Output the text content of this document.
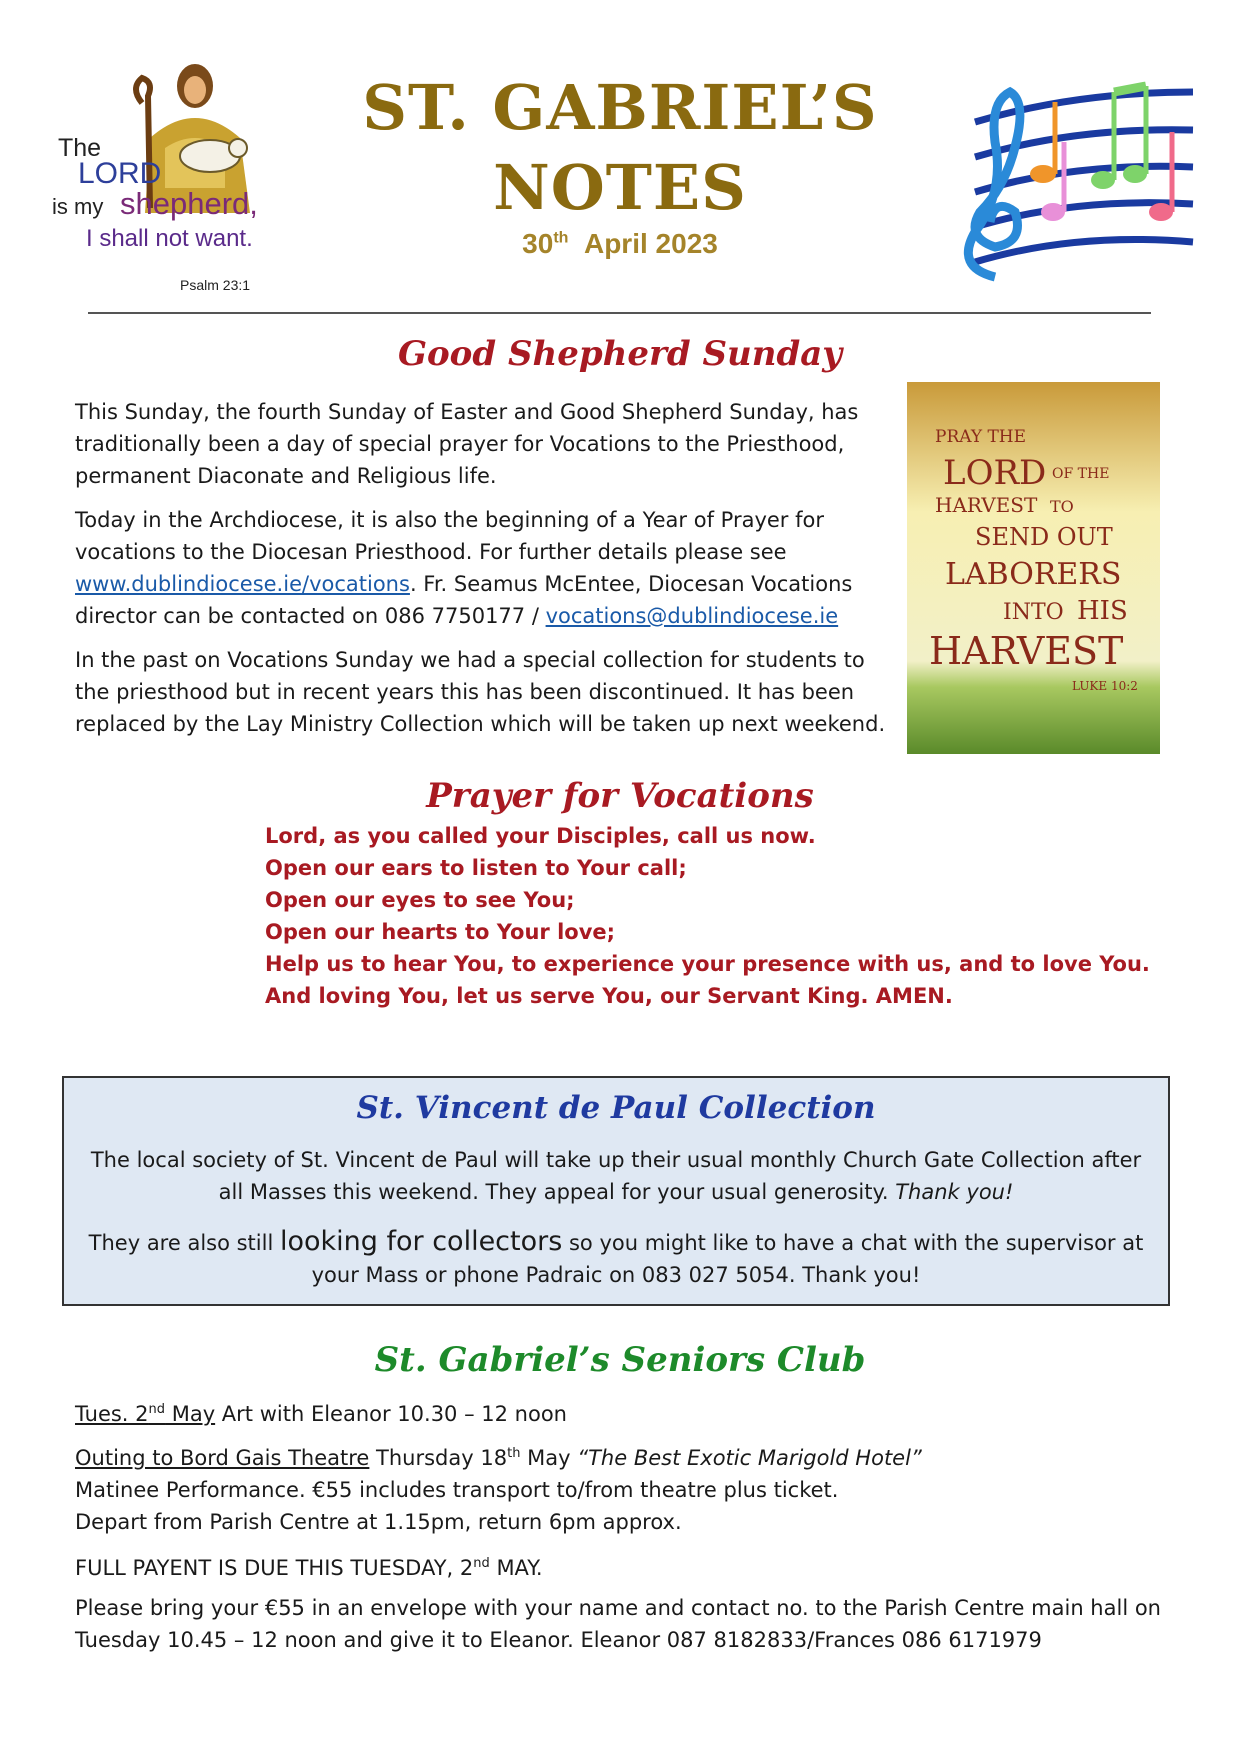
The
LORD
is my shepherd,
I shall not want.
Psalm 23:1
ST. GABRIEL’S
NOTES
30th April 2023
Good Shepherd Sunday

This Sunday, the fourth Sunday of Easter and Good Shepherd Sunday, has traditionally been a day of special prayer for Vocations to the Priesthood, permanent Diaconate and Religious life.

Today in the Archdiocese, it is also the beginning of a Year of Prayer for vocations to the Diocesan Priesthood. For further details please see www.dublindiocese.ie/vocations. Fr. Seamus McEntee, Diocesan Vocations director can be contacted on 086 7750177 / vocations@dublindiocese.ie

In the past on Vocations Sunday we had a special collection for students to the priesthood but in recent years this has been discontinued. It has been replaced by the Lay Ministry Collection which will be taken up next weekend.

PRAY THE
LORD OF THE
HARVEST TO
SEND OUT
LABORERS
INTO HIS
HARVEST
LUKE 10:2
Prayer for Vocations
Lord, as you called your Disciples, call us now.
Open our ears to listen to Your call;
Open our eyes to see You;
Open our hearts to Your love;
Help us to hear You, to experience your presence with us, and to love You.
And loving You, let us serve You, our Servant King. AMEN.
St. Vincent de Paul Collection

The local society of St. Vincent de Paul will take up their usual monthly Church Gate Collection after all Masses this weekend. They appeal for your usual generosity. Thank you!

They are also still looking for collectors so you might like to have a chat with the supervisor at your Mass or phone Padraic on 083 027 5054. Thank you!

St. Gabriel’s Seniors Club

Tues. 2nd May Art with Eleanor 10.30 – 12 noon

Outing to Bord Gais Theatre Thursday 18th May “The Best Exotic Marigold Hotel”
Matinee Performance. €55 includes transport to/from theatre plus ticket.
Depart from Parish Centre at 1.15pm, return 6pm approx.

FULL PAYENT IS DUE THIS TUESDAY, 2nd MAY.

Please bring your €55 in an envelope with your name and contact no. to the Parish Centre main hall on Tuesday 10.45 – 12 noon and give it to Eleanor. Eleanor 087 8182833/Frances 086 6171979
